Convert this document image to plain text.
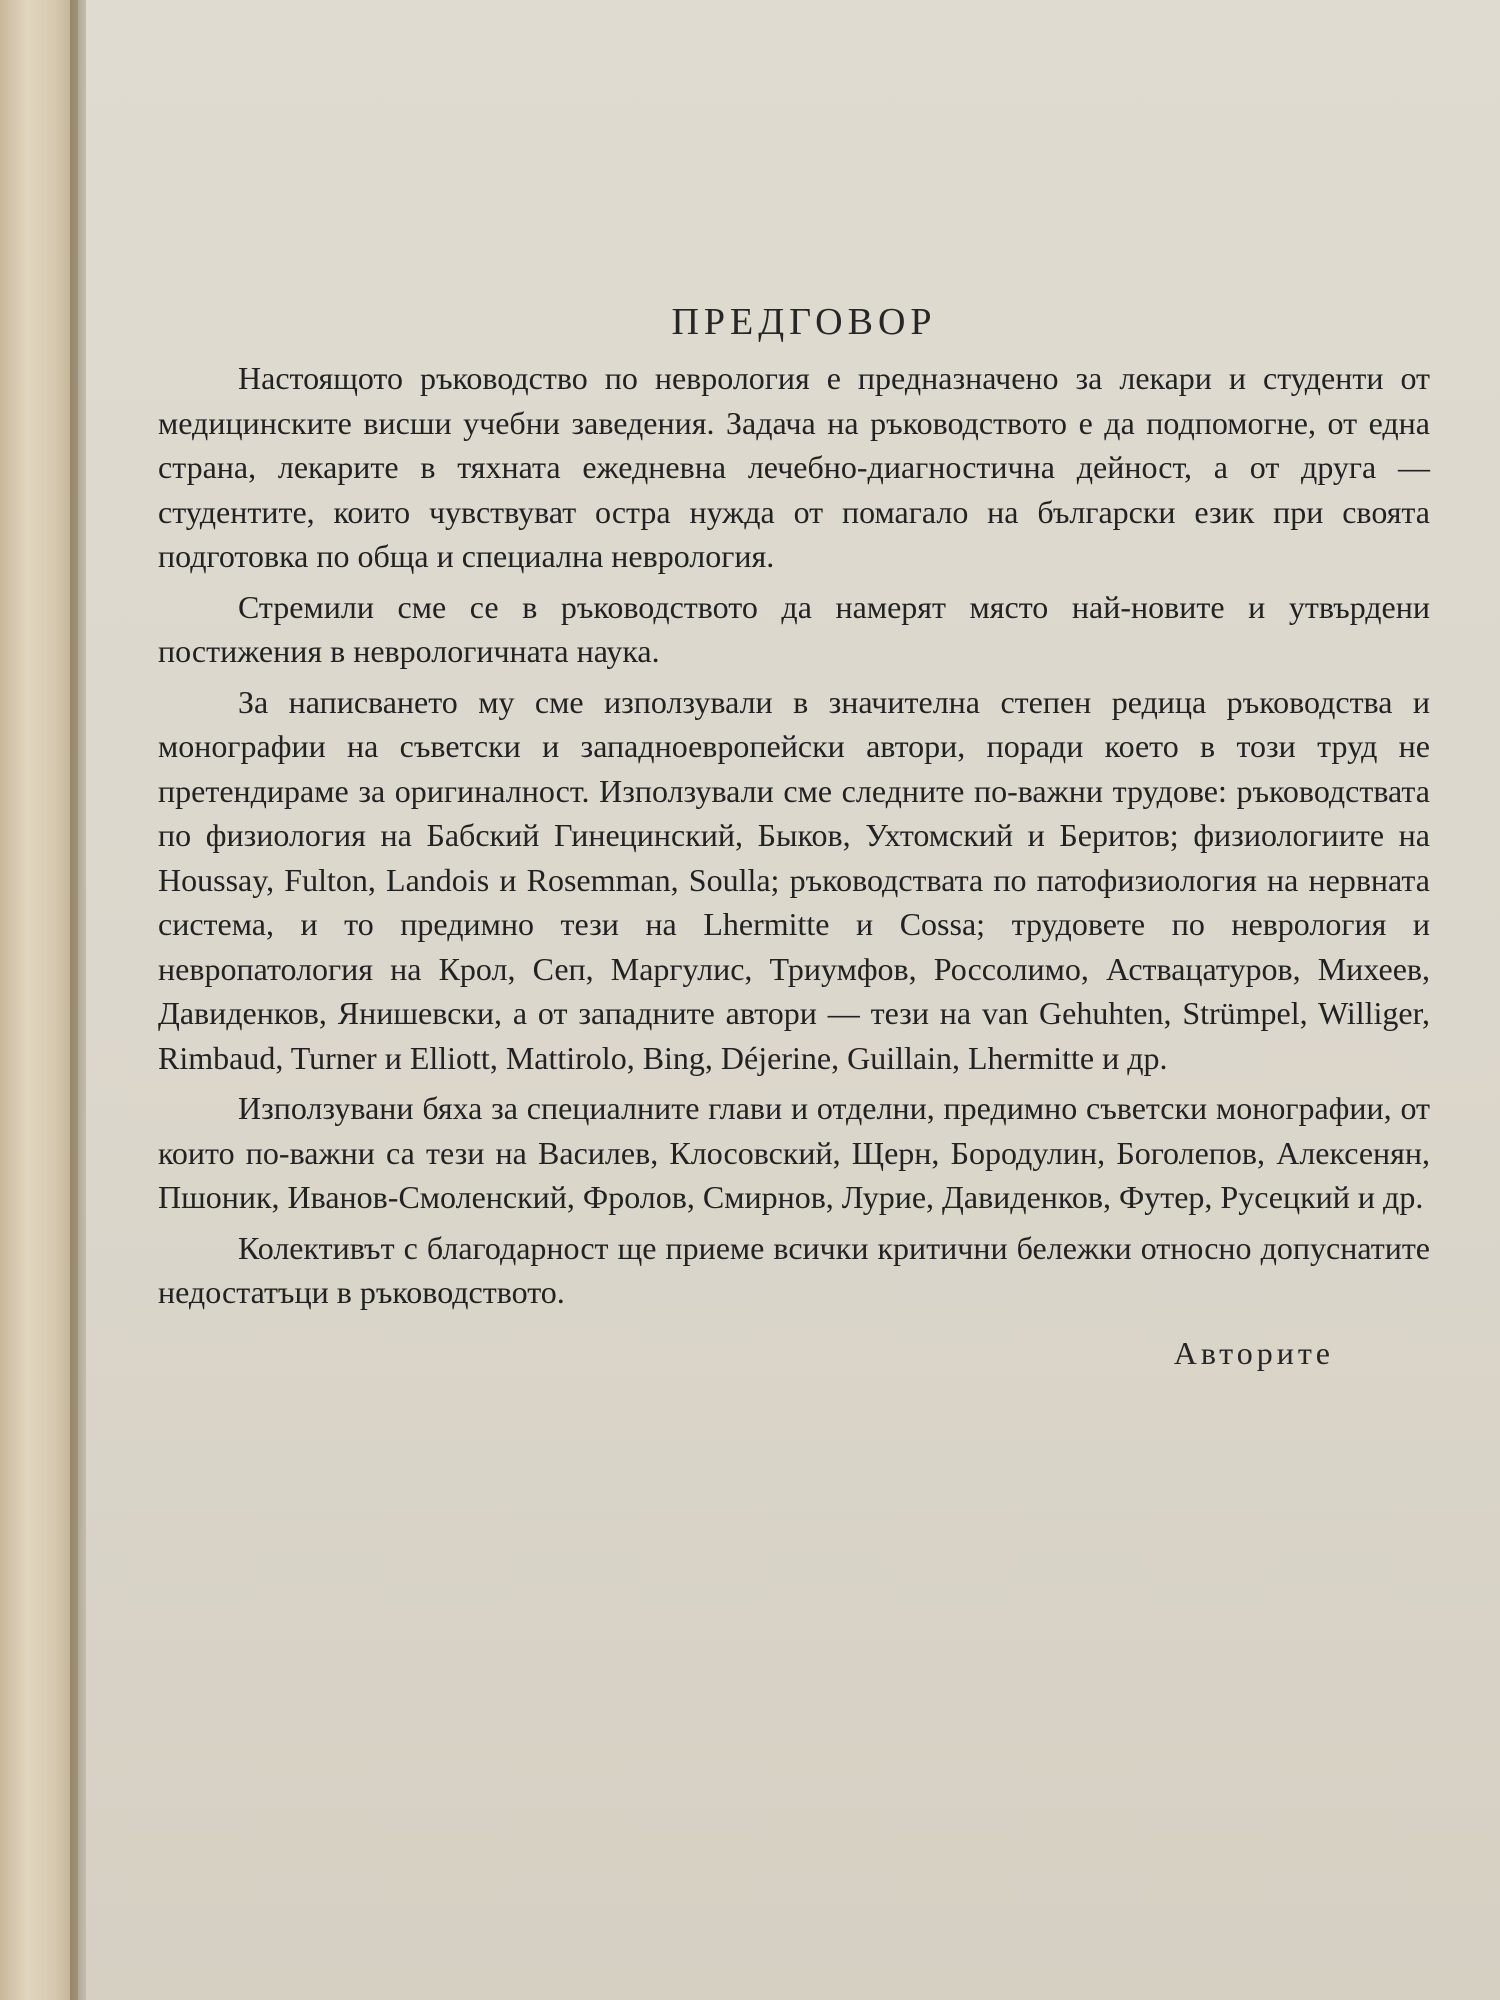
ПРЕДГОВОР

Настоящото ръководство по неврология е предназначено за лекари и студенти от медицинските висши учебни заведения. Задача на ръководството е да подпомогне, от една страна, лекарите в тяхната ежедневна лечебно-диагностична дейност, а от друга — студентите, които чувствуват остра нужда от помагало на български език при своята подготовка по обща и специална неврология.

Стремили сме се в ръководството да намерят място най-новите и утвърдени постижения в неврологичната наука.

За написването му сме използували в значителна степен редица ръководства и монографии на съветски и западноевропейски автори, поради което в този труд не претендираме за оригиналност. Използували сме следните по-важни трудове: ръководствата по физиология на Бабский Гинецинский, Быков, Ухтомский и Беритов; физиологиите на Houssay, Fulton, Landois и Rosemman, Soulla; ръководствата по патофизиология на нервната система, и то предимно тези на Lhermitte и Cossa; трудовете по неврология и невропатология на Крол, Сеп, Маргулис, Триумфов, Россолимо, Аствацатуров, Михеев, Давиденков, Янишевски, а от западните автори — тези на van Gehuhten, Strümpel, Williger, Rimbaud, Turner и Elliott, Mattirolo, Bing, Déjerine, Guillain, Lhermitte и др.

Използувани бяха за специалните глави и отделни, предимно съветски монографии, от които по-важни са тези на Василев, Клосовский, Щерн, Бородулин, Боголепов, Алексенян, Пшоник, Иванов-Смоленский, Фролов, Смирнов, Лурие, Давиденков, Футер, Русецкий и др.

Колективът с благодарност ще приеме всички критични бележки относно допуснатите недостатъци в ръководството.

Авторите
